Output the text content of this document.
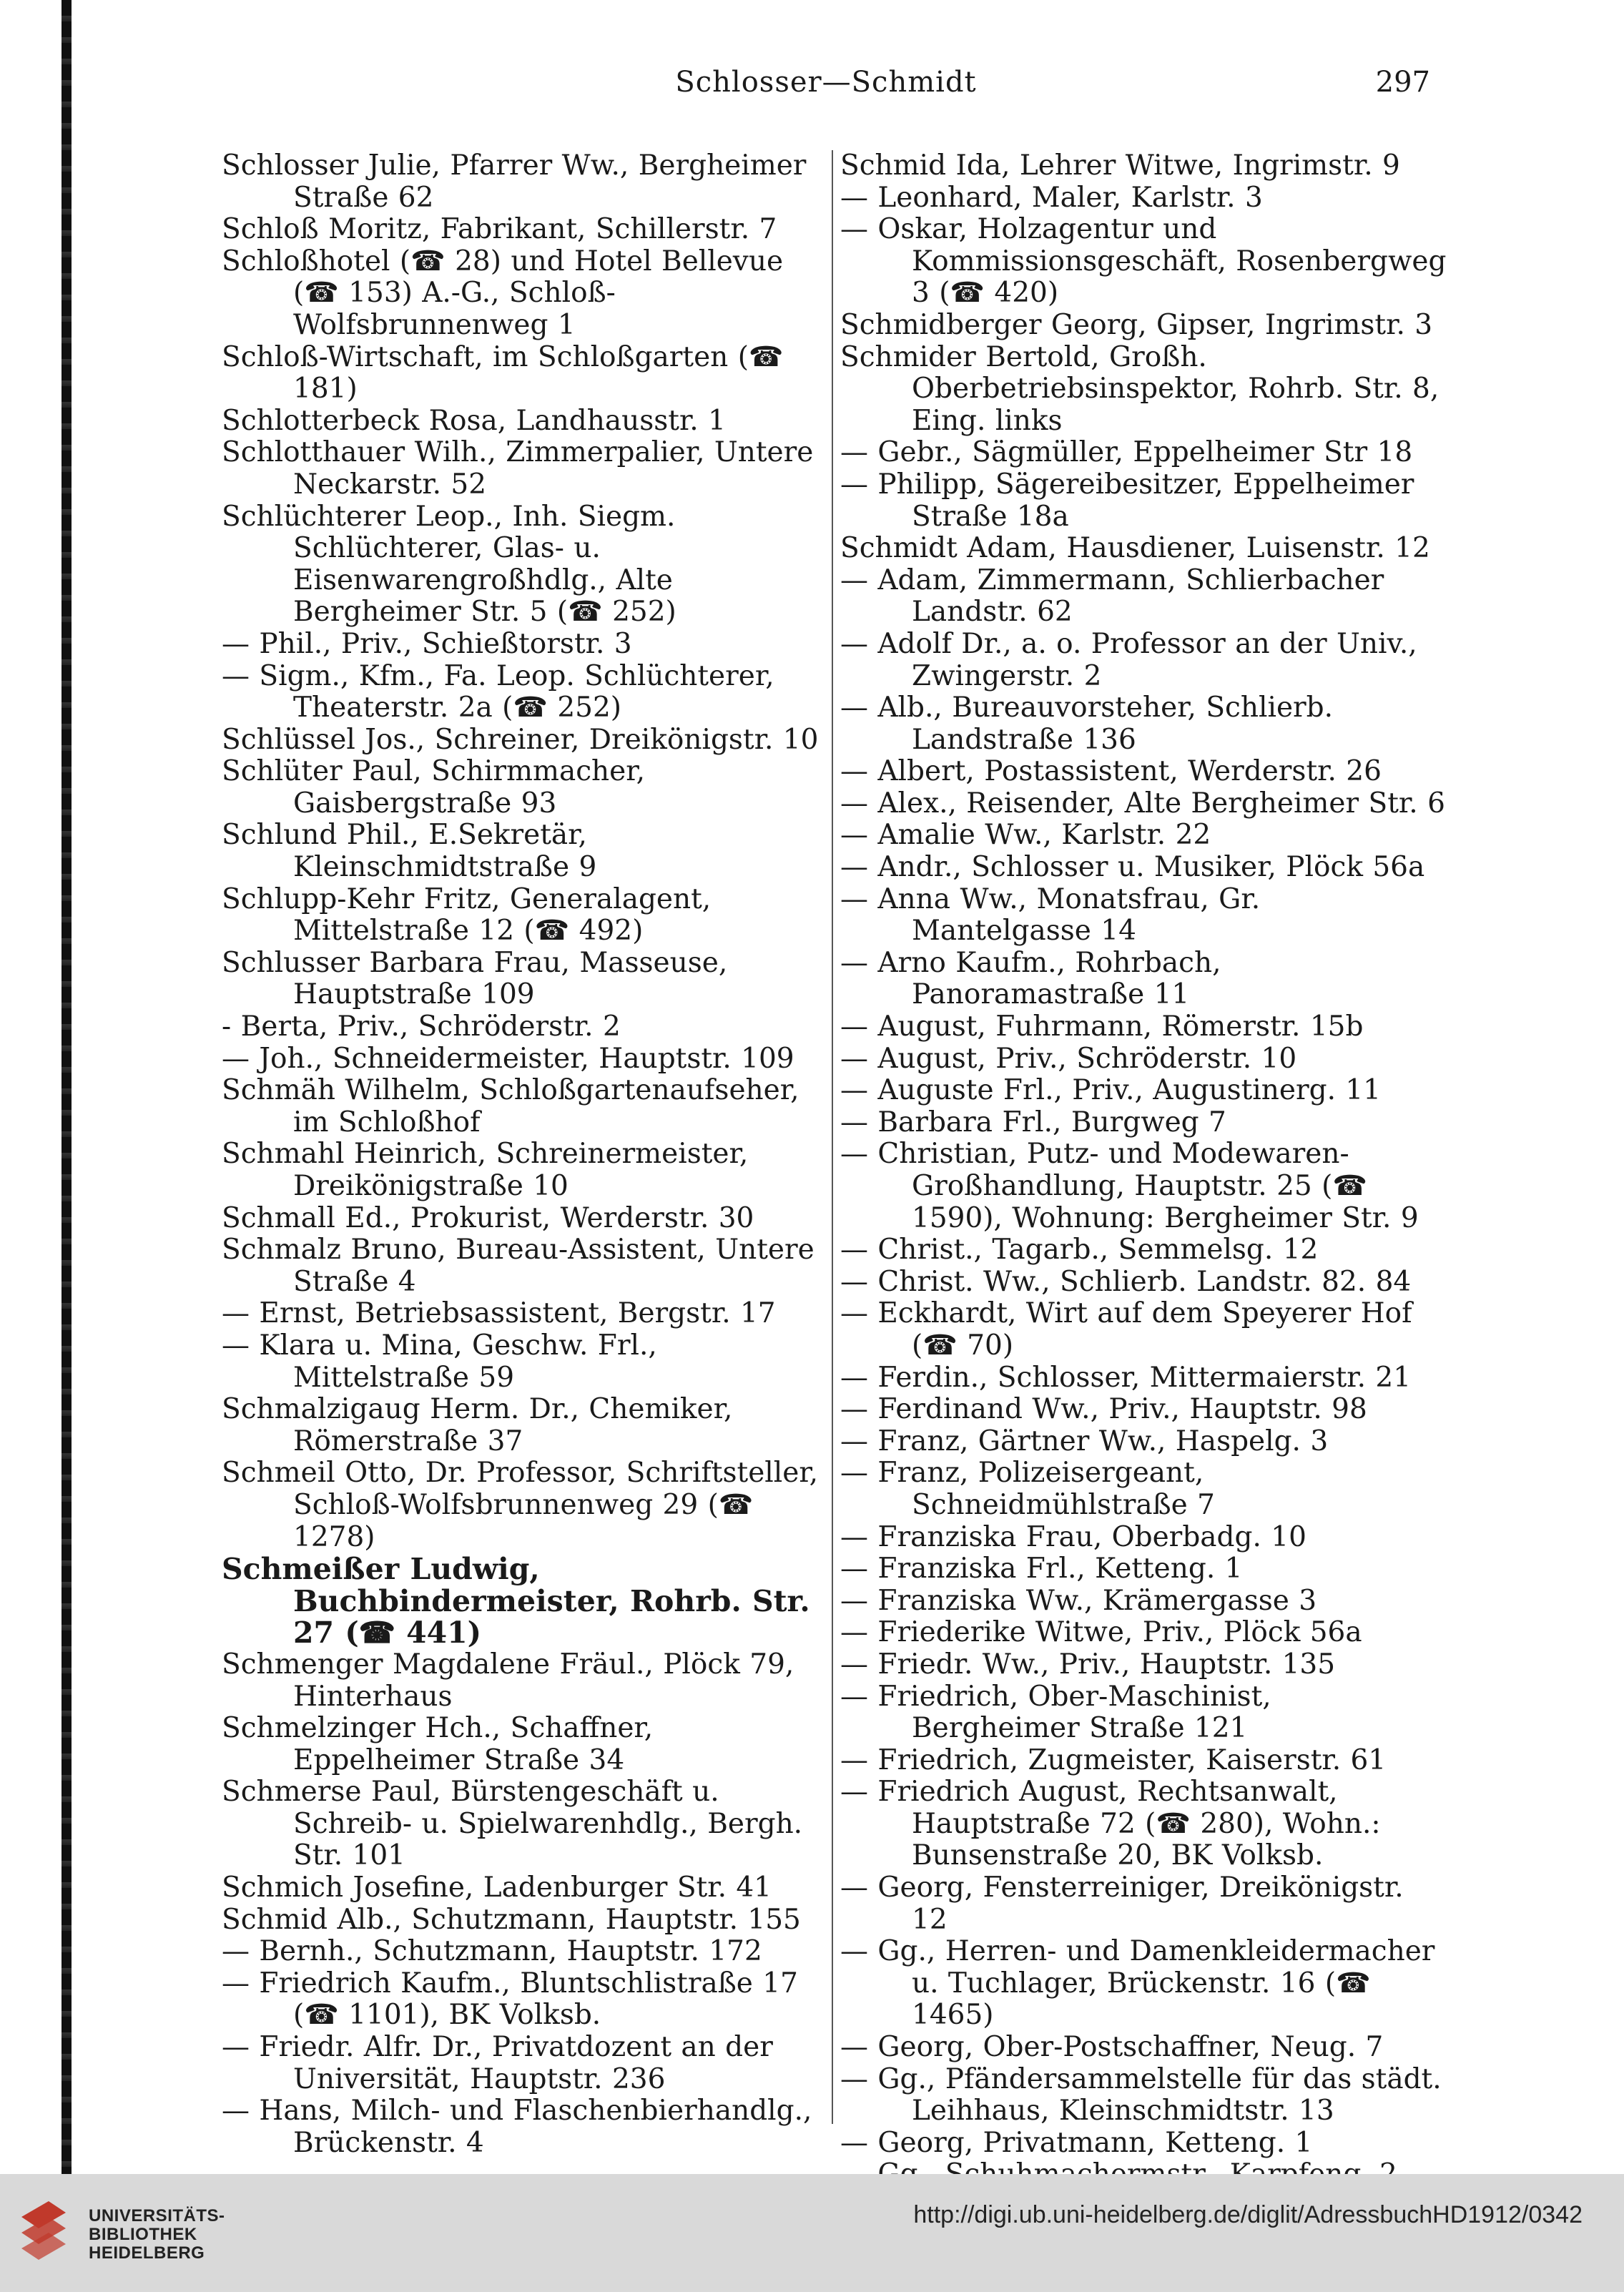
Schlosser—Schmidt	297
Schlosser Julie, Pfarrer Ww., Bergheimer Straße 62
Schloß Moritz, Fabrikant, Schillerstr. 7
Schloßhotel (☎ 28) und Hotel Bellevue (☎ 153) A.-G., Schloß-Wolfsbrunnenweg 1
Schloß-Wirtschaft, im Schloßgarten (☎ 181)
Schlotterbeck Rosa, Landhausstr. 1
Schlotthauer Wilh., Zimmerpalier, Untere Neckarstr. 52
Schlüchterer Leop., Inh. Siegm. Schlüchterer, Glas- u. Eisenwarengroßhdlg., Alte Bergheimer Str. 5 (☎ 252)
— Phil., Priv., Schießtorstr. 3
— Sigm., Kfm., Fa. Leop. Schlüchterer, Theaterstr. 2a (☎ 252)
Schlüssel Jos., Schreiner, Dreikönigstr. 10
Schlüter Paul, Schirmmacher, Gaisbergstraße 93
Schlund Phil., E.Sekretär, Kleinschmidtstraße 9
Schlupp-Kehr Fritz, Generalagent, Mittelstraße 12 (☎ 492)
Schlusser Barbara Frau, Masseuse, Hauptstraße 109
- Berta, Priv., Schröderstr. 2
— Joh., Schneidermeister, Hauptstr. 109
Schmäh Wilhelm, Schloßgartenaufseher, im Schloßhof
Schmahl Heinrich, Schreinermeister, Dreikönigstraße 10
Schmall Ed., Prokurist, Werderstr. 30
Schmalz Bruno, Bureau-Assistent, Untere Straße 4
— Ernst, Betriebsassistent, Bergstr. 17
— Klara u. Mina, Geschw. Frl., Mittelstraße 59
Schmalzigaug Herm. Dr., Chemiker, Römerstraße 37
Schmeil Otto, Dr. Professor, Schriftsteller, Schloß-Wolfsbrunnenweg 29 (☎ 1278)
Schmeißer Ludwig, Buchbindermeister, Rohrb. Str. 27 (☎ 441)
Schmenger Magdalene Fräul., Plöck 79, Hinterhaus
Schmelzinger Hch., Schaffner, Eppelheimer Straße 34
Schmerse Paul, Bürstengeschäft u. Schreib- u. Spielwarenhdlg., Bergh. Str. 101
Schmich Josefine, Ladenburger Str. 41
Schmid Alb., Schutzmann, Hauptstr. 155
— Bernh., Schutzmann, Hauptstr. 172
— Friedrich Kaufm., Bluntschlistraße 17 (☎ 1101), BK Volksb.
— Friedr. Alfr. Dr., Privatdozent an der Universität, Hauptstr. 236
— Hans, Milch- und Flaschenbierhandlg., Brückenstr. 4
Schmid Ida, Lehrer Witwe, Ingrimstr. 9
— Leonhard, Maler, Karlstr. 3
— Oskar, Holzagentur und Kommissionsgeschäft, Rosenbergweg 3 (☎ 420)
Schmidberger Georg, Gipser, Ingrimstr. 3
Schmider Bertold, Großh. Oberbetriebsinspektor, Rohrb. Str. 8, Eing. links
— Gebr., Sägmüller, Eppelheimer Str 18
— Philipp, Sägereibesitzer, Eppelheimer Straße 18a
Schmidt Adam, Hausdiener, Luisenstr. 12
— Adam, Zimmermann, Schlierbacher Landstr. 62
— Adolf Dr., a. o. Professor an der Univ., Zwingerstr. 2
— Alb., Bureauvorsteher, Schlierb. Landstraße 136
— Albert, Postassistent, Werderstr. 26
— Alex., Reisender, Alte Bergheimer Str. 6
— Amalie Ww., Karlstr. 22
— Andr., Schlosser u. Musiker, Plöck 56a
— Anna Ww., Monatsfrau, Gr. Mantelgasse 14
— Arno Kaufm., Rohrbach, Panoramastraße 11
— August, Fuhrmann, Römerstr. 15b
— August, Priv., Schröderstr. 10
— Auguste Frl., Priv., Augustinerg. 11
— Barbara Frl., Burgweg 7
— Christian, Putz- und Modewaren-Großhandlung, Hauptstr. 25 (☎ 1590), Wohnung: Bergheimer Str. 9
— Christ., Tagarb., Semmelsg. 12
— Christ. Ww., Schlierb. Landstr. 82. 84
— Eckhardt, Wirt auf dem Speyerer Hof (☎ 70)
— Ferdin., Schlosser, Mittermaierstr. 21
— Ferdinand Ww., Priv., Hauptstr. 98
— Franz, Gärtner Ww., Haspelg. 3
— Franz, Polizeisergeant, Schneidmühlstraße 7
— Franziska Frau, Oberbadg. 10
— Franziska Frl., Ketteng. 1
— Franziska Ww., Krämergasse 3
— Friederike Witwe, Priv., Plöck 56a
— Friedr. Ww., Priv., Hauptstr. 135
— Friedrich, Ober-Maschinist, Bergheimer Straße 121
— Friedrich, Zugmeister, Kaiserstr. 61
— Friedrich August, Rechtsanwalt, Hauptstraße 72 (☎ 280), Wohn.: Bunsenstraße 20, BK Volksb.
— Georg, Fensterreiniger, Dreikönigstr. 12
— Gg., Herren- und Damenkleidermacher u. Tuchlager, Brückenstr. 16 (☎ 1465)
— Georg, Ober-Postschaffner, Neug. 7
— Gg., Pfändersammelstelle für das städt. Leihhaus, Kleinschmidtstr. 13
— Georg, Privatmann, Ketteng. 1
UNIVERSITÄTS-
BIBLIOTHEK
HEIDELBERG
http://digi.ub.uni-heidelberg.de/diglit/AdressbuchHD1912/0342
